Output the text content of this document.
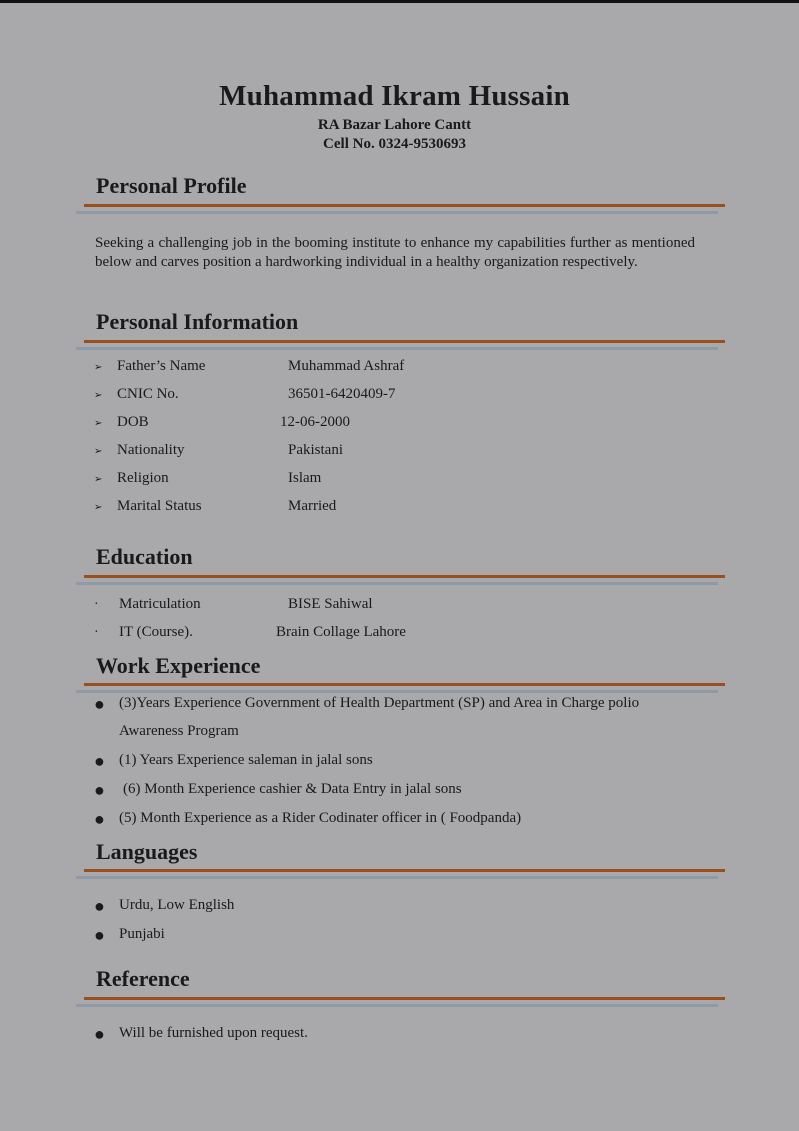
Muhammad Ikram Hussain
RA Bazar Lahore Cantt
Cell No. 0324-9530693
Personal Profile
Seeking a challenging job in the booming institute to enhance my capabilities further as mentioned below and carves position a hardworking individual in a healthy organization respectively.
Personal Information
➢ Father’s Name	Muhammad Ashraf
➢ CNIC No.	36501-6420409-7
➢ DOB	12-06-2000
➢ Nationality	Pakistani
➢ Religion	Islam
➢ Marital Status	Married
Education
· Matriculation	BISE Sahiwal
· IT (Course).	Brain Collage Lahore
Work Experience
● (3)Years Experience Government of Health Department (SP) and Area in Charge polio
Awareness Program
● (1) Years Experience saleman in jalal sons
● (6) Month Experience cashier & Data Entry in jalal sons
● (5) Month Experience as a Rider Codinater officer in ( Foodpanda)
Languages
● Urdu, Low English
● Punjabi
Reference
● Will be furnished upon request.
